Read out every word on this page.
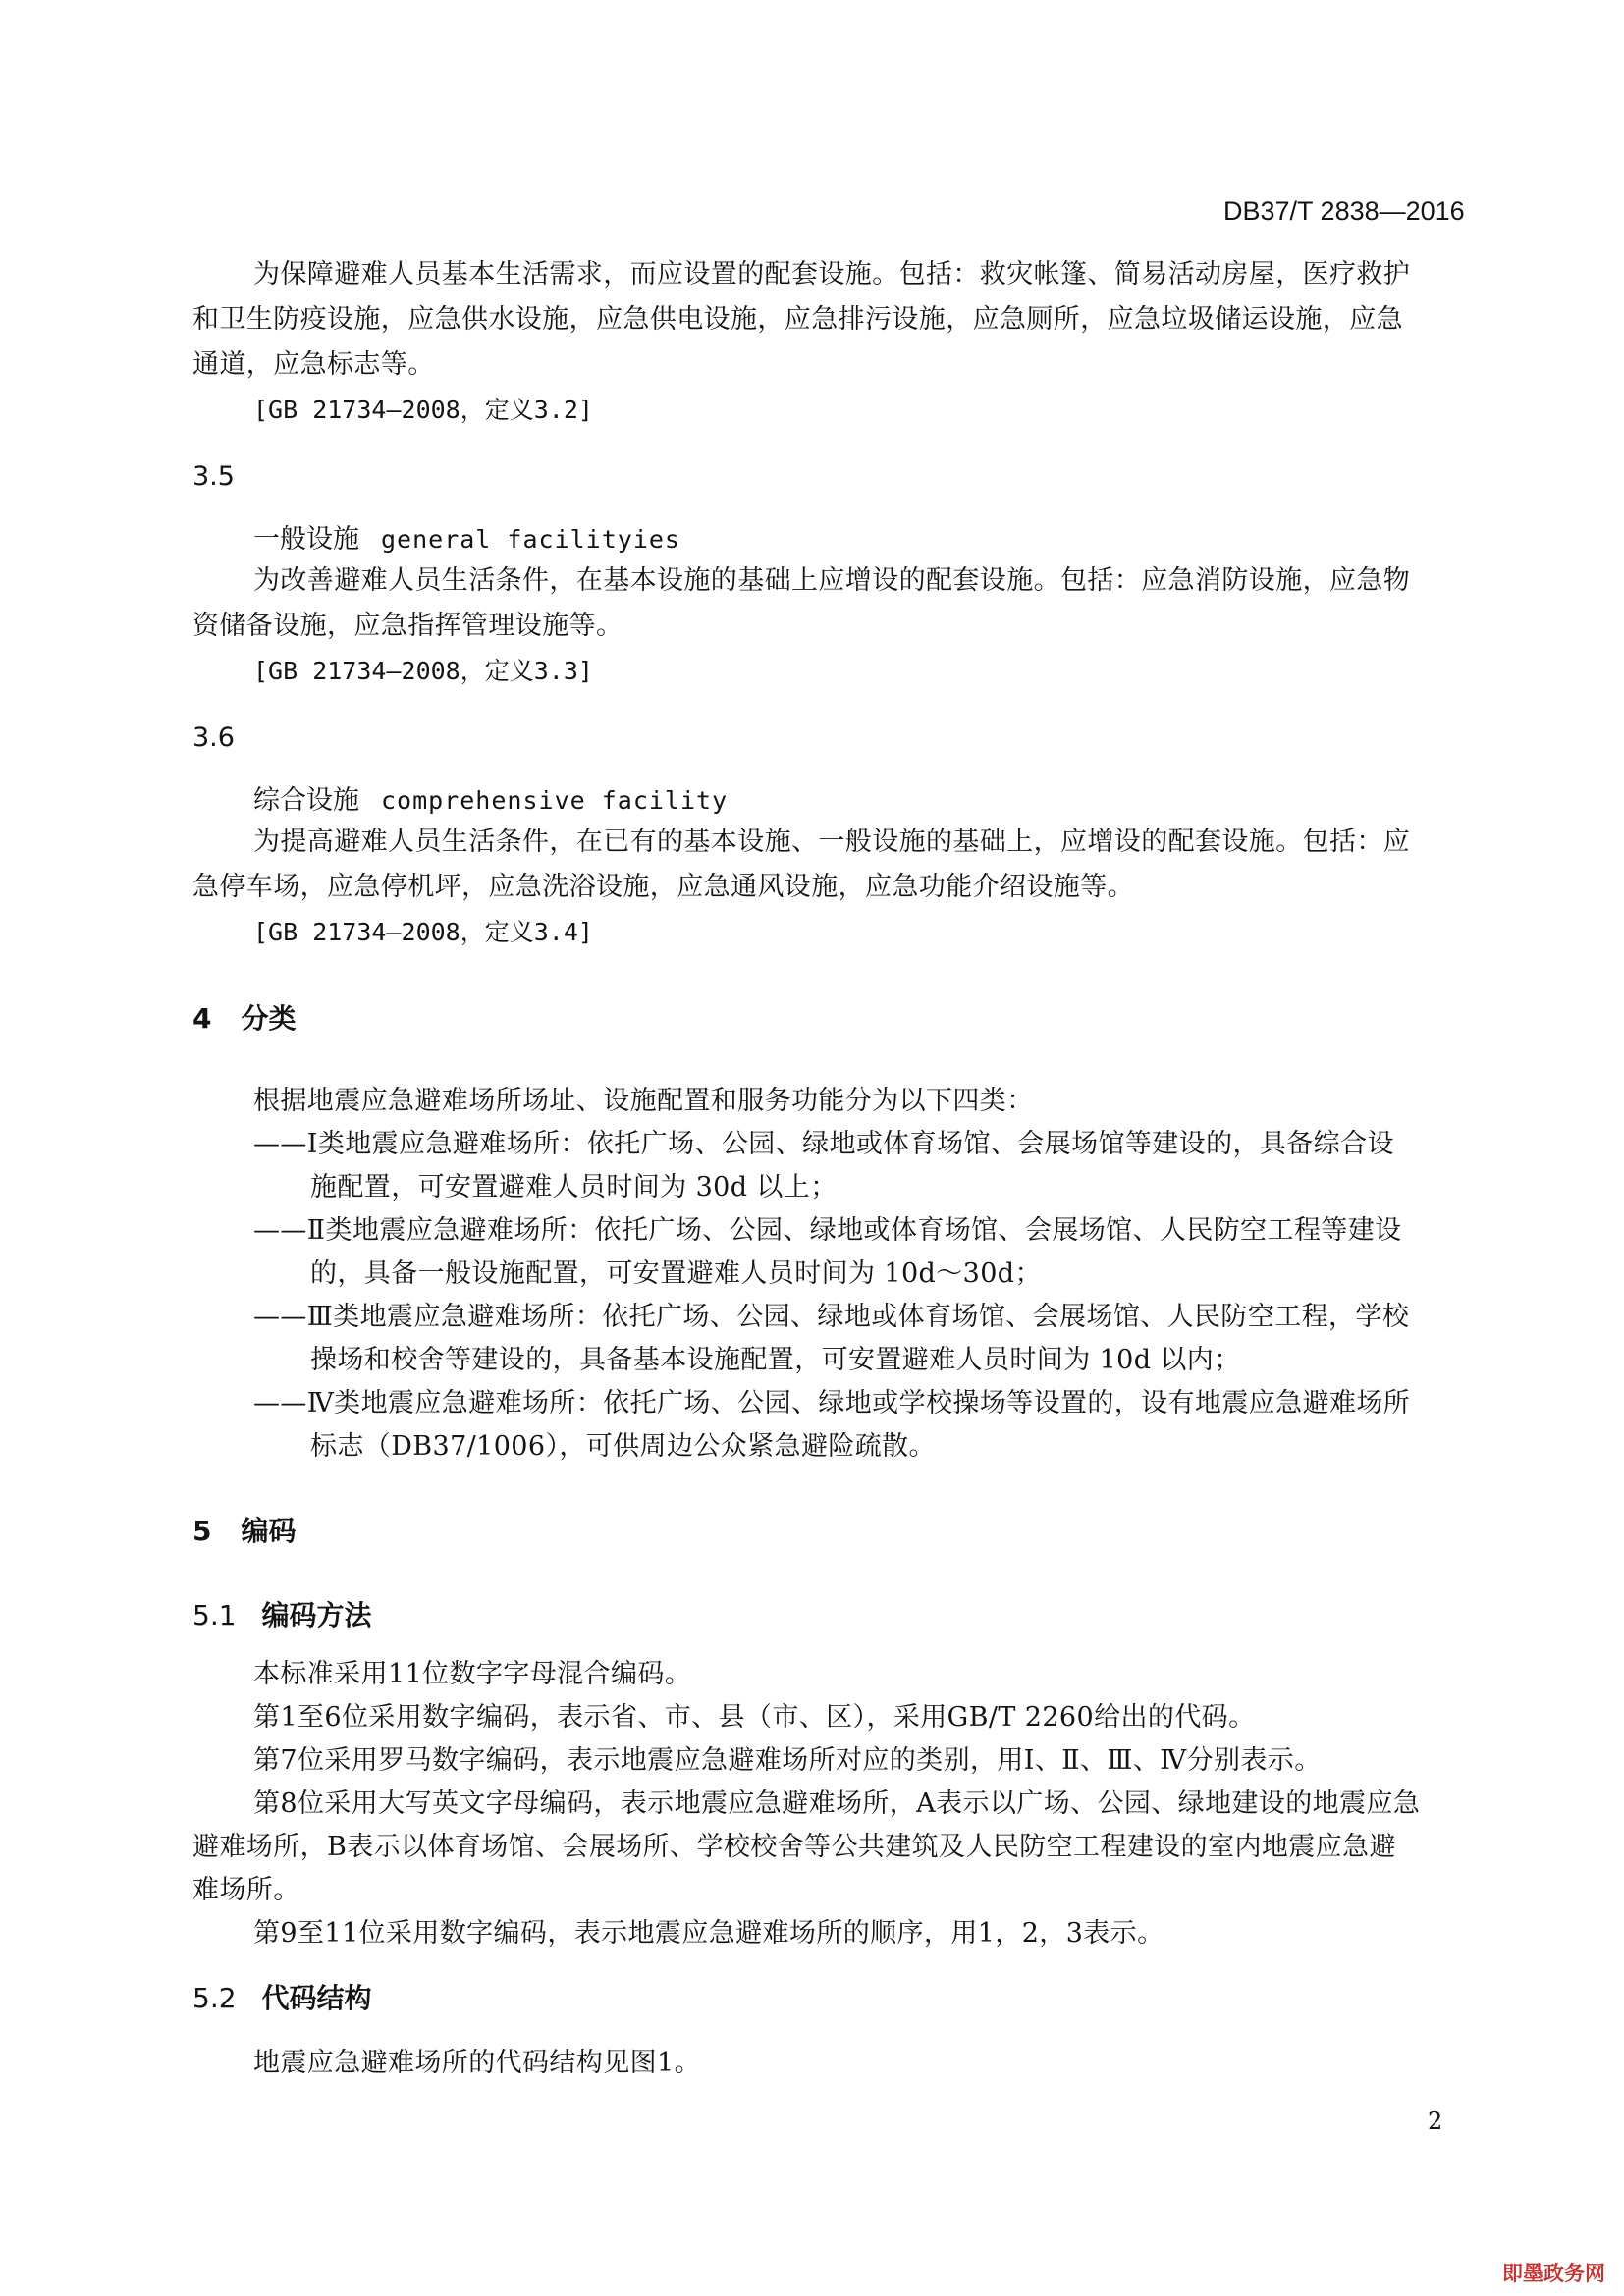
DB37/T 2838—2016
为保障避难人员基本生活需求，而应设置的配套设施。包括：救灾帐篷、简易活动房屋，医疗救护
和卫生防疫设施，应急供水设施，应急供电设施，应急排污设施，应急厕所，应急垃圾储运设施，应急
通道，应急标志等。
[GB 21734—2008，定义3.2]
3.5
一般设施 general facilityies
为改善避难人员生活条件，在基本设施的基础上应增设的配套设施。包括：应急消防设施，应急物
资储备设施，应急指挥管理设施等。
[GB 21734—2008，定义3.3]
3.6
综合设施 comprehensive facility
为提高避难人员生活条件，在已有的基本设施、一般设施的基础上，应增设的配套设施。包括：应
急停车场，应急停机坪，应急洗浴设施，应急通风设施，应急功能介绍设施等。
[GB 21734—2008，定义3.4]
4 分类
根据地震应急避难场所场址、设施配置和服务功能分为以下四类：
——Ⅰ类地震应急避难场所：依托广场、公园、绿地或体育场馆、会展场馆等建设的，具备综合设
施配置，可安置避难人员时间为 30d 以上；
——Ⅱ类地震应急避难场所：依托广场、公园、绿地或体育场馆、会展场馆、人民防空工程等建设
的，具备一般设施配置，可安置避难人员时间为 10d～30d；
——Ⅲ类地震应急避难场所：依托广场、公园、绿地或体育场馆、会展场馆、人民防空工程，学校
操场和校舍等建设的，具备基本设施配置，可安置避难人员时间为 10d 以内；
——Ⅳ类地震应急避难场所：依托广场、公园、绿地或学校操场等设置的，设有地震应急避难场所
标志（DB37/1006），可供周边公众紧急避险疏散。
5 编码
5.1 编码方法
本标准采用11位数字字母混合编码。
第1至6位采用数字编码，表示省、市、县（市、区），采用GB/T 2260给出的代码。
第7位采用罗马数字编码，表示地震应急避难场所对应的类别，用Ⅰ、Ⅱ、Ⅲ、Ⅳ分别表示。
第8位采用大写英文字母编码，表示地震应急避难场所，A表示以广场、公园、绿地建设的地震应急
避难场所，B表示以体育场馆、会展场所、学校校舍等公共建筑及人民防空工程建设的室内地震应急避
难场所。
第9至11位采用数字编码，表示地震应急避难场所的顺序，用1，2，3表示。
5.2 代码结构
地震应急避难场所的代码结构见图1。
2
即墨政务网
